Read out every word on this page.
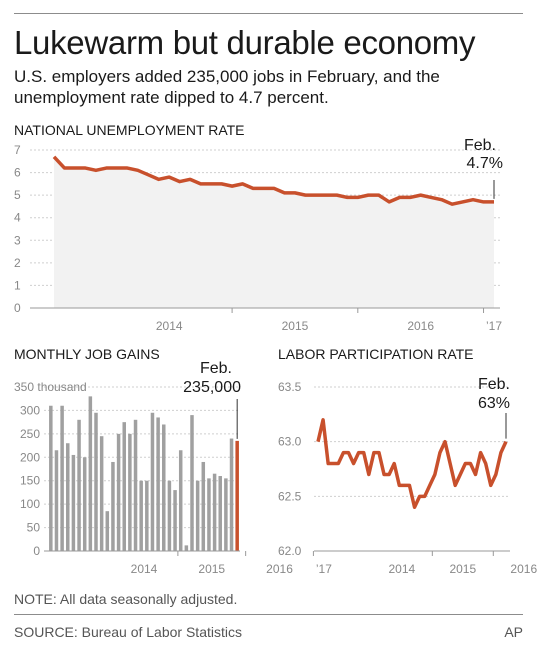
Lukewarm but durable economy
U.S. employers added 235,000 jobs in February, and the unemployment rate dipped to 4.7 percent.
NATIONAL UNEMPLOYMENT RATE
0
1
2
3
4
5
6
7
2014	2015	2016	’17
Feb.
4.7%
MONTHLY JOB GAINS
0
50
100
150
200
250
300
350 thousand
2014	2015	2016 ’17
Feb.
235,000
LABOR PARTICIPATION RATE
62.0
62.5
63.0
63.5
2014	2015	2016
Feb.
63%
NOTE: All data seasonally adjusted.
SOURCE: Bureau of Labor Statistics	AP
